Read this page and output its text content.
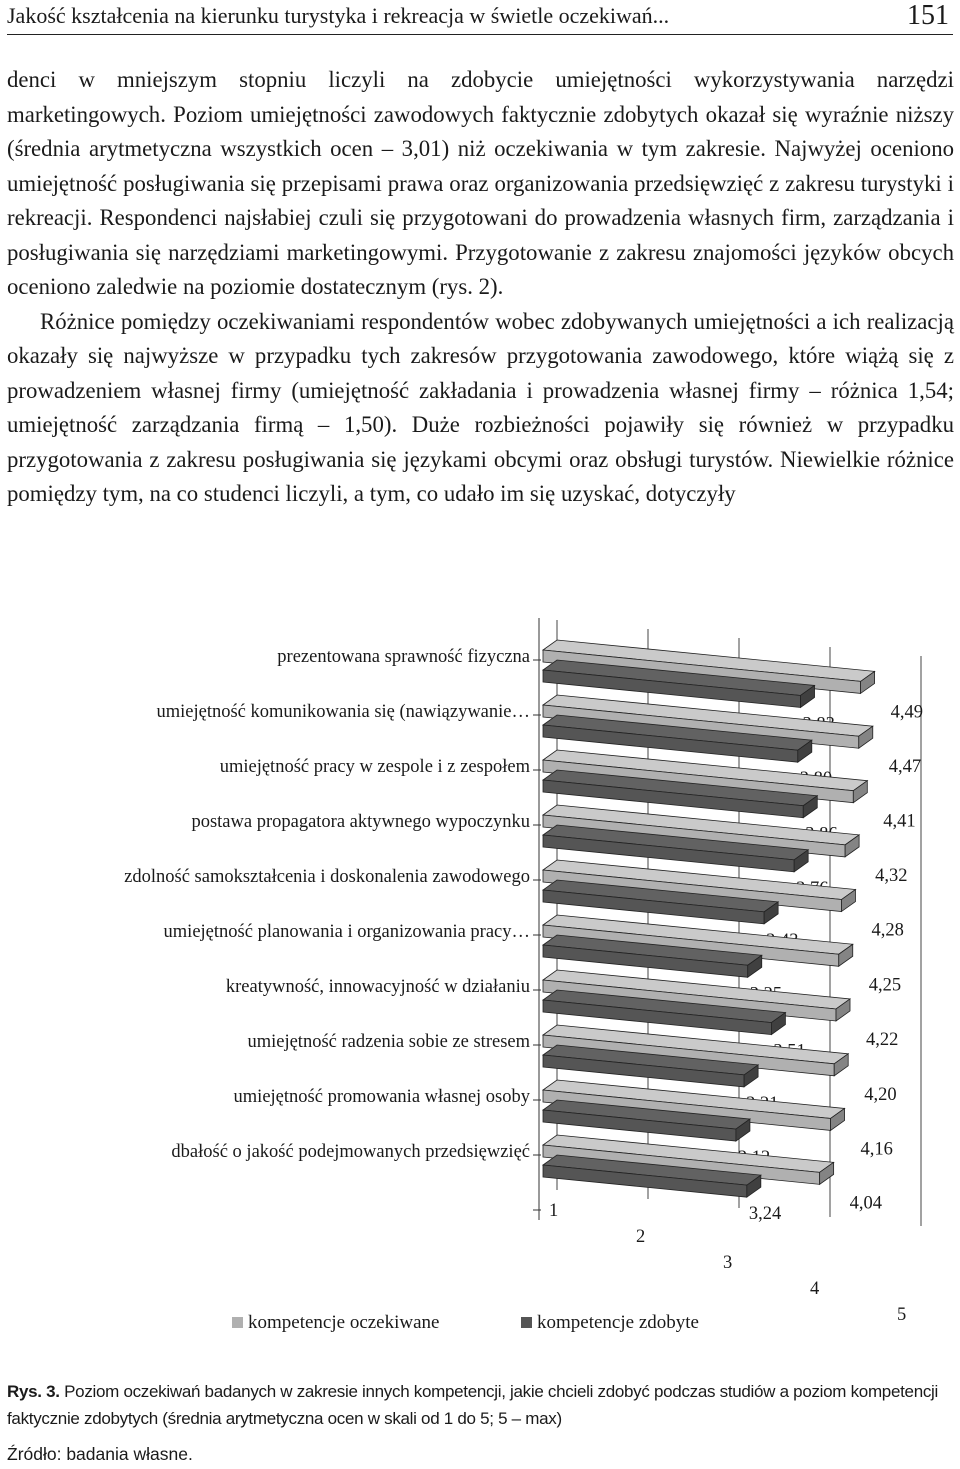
Jakość kształcenia na kierunku turystyka i rekreacja w świetle oczekiwań...	151

denci w mniejszym stopniu liczyli na zdobycie umiejętności wykorzystywania narzędzi marketingowych. Poziom umiejętności zawodowych faktycznie zdobytych okazał się wyraźnie niższy (średnia arytmetyczna wszystkich ocen – 3,01) niż oczekiwania w tym zakresie. Najwyżej oceniono umiejętność posługiwania się przepisami prawa oraz organizowania przedsięwzięć z zakresu turystyki i rekreacji. Respondenci najsłabiej czuli się przygotowani do prowadzenia własnych firm, zarządzania i posługiwania się narzędziami marketingowymi. Przygotowanie z zakresu znajomości języków obcych oceniono zaledwie na poziomie dostatecznym (rys. 2).

Różnice pomiędzy oczekiwaniami respondentów wobec zdobywanych umiejętności a ich realizacją okazały się najwyższe w przypadku tych zakresów przygotowania zawodowego, które wiążą się z prowadzeniem własnej firmy (umiejętność zakładania i prowadzenia własnej firmy – różnica 1,54; umiejętność zarządzania firmą – 1,50). Duże rozbieżności pojawiły się również w przypadku przygotowania z zakresu posługiwania się językami obcymi oraz obsługi turystów. Niewielkie różnice pomiędzy tym, na co studenci liczyli, a tym, co udało im się uzyskać, dotyczyły

prezentowana sprawność fizyczna
4,49
umiejętność komunikowania się (nawiązywanie…
4,47
umiejętność pracy w zespole i z zespołem
4,41
postawa propagatora aktywnego wypoczynku
4,32
zdolność samokształcenia i doskonalenia zawodowego
4,28
umiejętność planowania i organizowania pracy…
4,25
kreatywność, innowacyjność w działaniu
4,22
umiejętność radzenia sobie ze stresem
4,20
umiejętność promowania własnej osoby
4,16
dbałość o jakość podejmowanych przedsięwzięć
4,04
3,24
1
2
3
4
5
kompetencje oczekiwane	kompetencje zdobyte
Rys. 3. Poziom oczekiwań badanych w zakresie innych kompetencji, jakie chcieli zdobyć podczas studiów a poziom kompetencji faktycznie zdobytych (średnia arytmetyczna ocen w skali od 1 do 5; 5 – max)
Źródło: badania własne.
